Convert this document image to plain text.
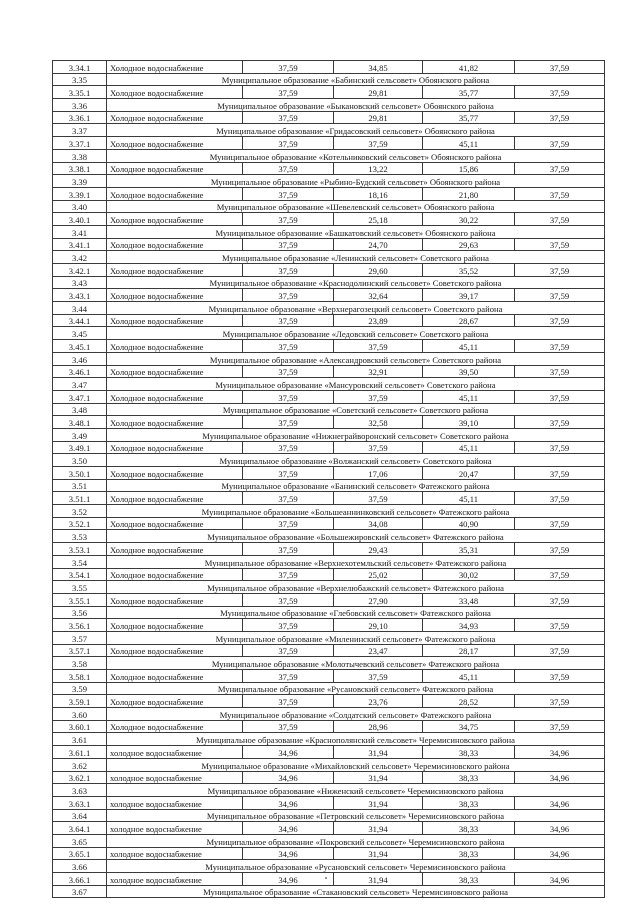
3.34.1	Холодное водоснабжение	37,59	34,85	41,82	37,59
3.35	Муниципальное образование «Бабинский сельсовет» Обоянского района				
3.35.1	Холодное водоснабжение	37,59	29,81	35,77	37,59
3.36	Муниципальное образование «Быкановский сельсовет» Обоянского района				
3.36.1	Холодное водоснабжение	37,59	29,81	35,77	37,59
3.37	Муниципальное образование «Гридасовский сельсовет» Обоянского района				
3.37.1	Холодное водоснабжение	37,59	37,59	45,11	37,59
3.38	Муниципальное образование «Котельниковский сельсовет» Обоянского района				
3.38.1	Холодное водоснабжение	37,59	13,22	15,86	37,59
3.39	Муниципальное образование «Рыбино-Будский сельсовет» Обоянского района				
3.39.1	Холодное водоснабжение	37,59	18,16	21,80	37,59
3.40	Муниципальное образование «Шевелевский сельсовет» Обоянского района				
3.40.1	Холодное водоснабжение	37,59	25,18	30,22	37,59
3.41	Муниципальное образование «Башкатовский сельсовет» Обоянского района				
3.41.1	Холодное водоснабжение	37,59	24,70	29,63	37,59
3.42	Муниципальное образование «Ленинский сельсовет» Советского района				
3.42.1	Холодное водоснабжение	37,59	29,60	35,52	37,59
3.43	Муниципальное образование «Краснодолинский сельсовет» Советского района				
3.43.1	Холодное водоснабжение	37,59	32,64	39,17	37,59
3.44	Муниципальное образование «Верхнерагозецкий сельсовет» Советского района				
3.44.1	Холодное водоснабжение	37,59	23,89	28,67	37,59
3.45	Муниципальное образование «Ледовский сельсовет» Советского района				
3.45.1	Холодное водоснабжение	37,59	37,59	45,11	37,59
3.46	Муниципальное образование «Александровский сельсовет» Советского района				
3.46.1	Холодное водоснабжение	37,59	32,91	39,50	37,59
3.47	Муниципальное образование «Мансуровский сельсовет» Советского района				
3.47.1	Холодное водоснабжение	37,59	37,59	45,11	37,59
3.48	Муниципальное образование «Советский сельсовет» Советского района				
3.48.1	Холодное водоснабжение	37,59	32,58	39,10	37,59
3.49	Муниципальное образование «Нижнеграйворонский сельсовет» Советского района				
3.49.1	Холодное водоснабжение	37,59	37,59	45,11	37,59
3.50	Муниципальное образование «Волжанский сельсовет» Советского района				
3.50.1	Холодное водоснабжение	37,59	17,06	20,47	37,59
3.51	Муниципальное образование «Банинский сельсовет» Фатежского района				
3.51.1	Холодное водоснабжение	37,59	37,59	45,11	37,59
3.52	Муниципальное образование «Большеаннинковский сельсовет» Фатежского района				
3.52.1	Холодное водоснабжение	37,59	34,08	40,90	37,59
3.53	Муниципальное образование «Большежировский сельсовет» Фатежского района				
3.53.1	Холодное водоснабжение	37,59	29,43	35,31	37,59
3.54	Муниципальное образование «Верхнехотемльский сельсовет» Фатежского района				
3.54.1	Холодное водоснабжение	37,59	25,02	30,02	37,59
3.55	Муниципальное образование «Верхнелюбажский сельсовет» Фатежского района				
3.55.1	Холодное водоснабжение	37,59	27,90	33,48	37,59
3.56	Муниципальное образование «Глебовский сельсовет» Фатежского района				
3.56.1	Холодное водоснабжение	37,59	29,10	34,93	37,59
3.57	Муниципальное образование «Миленинский сельсовет» Фатежского района				
3.57.1	Холодное водоснабжение	37,59	23,47	28,17	37,59
3.58	Муниципальное образование «Молотычевский сельсовет» Фатежского района				
3.58.1	Холодное водоснабжение	37,59	37,59	45,11	37,59
3.59	Муниципальное образование «Русановский сельсовет» Фатежского района				
3.59.1	Холодное водоснабжение	37,59	23,76	28,52	37,59
3.60	Муниципальное образование «Солдатский сельсовет» Фатежского района				
3.60.1	Холодное водоснабжение	37,59	28,96	34,75	37,59
3.61	Муниципальное образование «Краснополянский сельсовет» Черемисиновского района				
3.61.1	холодное водоснабжение	34,96	31,94	38,33	34,96
3.62	Муниципальное образование «Михайловский сельсовет» Черемисиновского района				
3.62.1	холодное водоснабжение	34,96	31,94	38,33	34,96
3.63	Муниципальное образование «Ниженский сельсовет» Черемисиновского района				
3.63.1	холодное водоснабжение	34,96	31,94	38,33	34,96
3.64	Муниципальное образование «Петровский сельсовет» Черемисиновского района				
3.64.1	холодное водоснабжение	34,96	31,94	38,33	34,96
3.65	Муниципальное образование «Покровский сельсовет» Черемисиновского района				
3.65.1	холодное водоснабжение	34,96	31,94	38,33	34,96
3.66	Муниципальное образование «Русановский сельсовет» Черемисиновского района				
3.66.1	холодное водоснабжение	34,96	31,94	38,33	34,96
3.67	Муниципальное образование «Стакановский сельсовет» Черемисиновского района				
